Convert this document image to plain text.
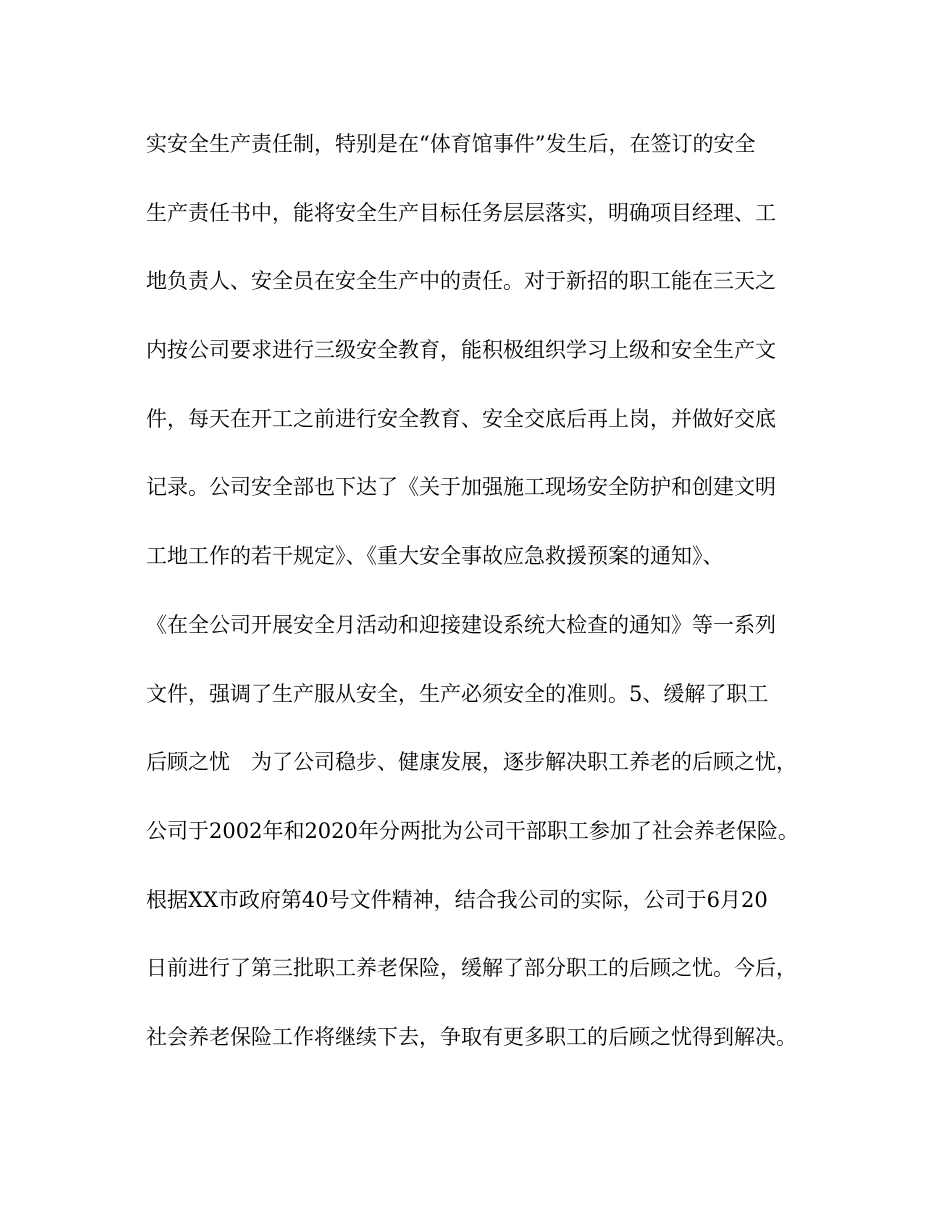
实安全生产责任制，特别是在“体育馆事件”发生后，在签订的安全
生产责任书中，能将安全生产目标任务层层落实，明确项目经理、工
地负责人、安全员在安全生产中的责任。对于新招的职工能在三天之
内按公司要求进行三级安全教育，能积极组织学习上级和安全生产文
件，每天在开工之前进行安全教育、安全交底后再上岗，并做好交底
记录。公司安全部也下达了《关于加强施工现场安全防护和创建文明
工地工作的若干规定》、《重大安全事故应急救援预案的通知》、
《在全公司开展安全月活动和迎接建设系统大检查的通知》等一系列
文件，强调了生产服从安全，生产必须安全的准则。5、缓解了职工
后顾之忧　为了公司稳步、健康发展，逐步解决职工养老的后顾之忧，
公司于2002年和2020年分两批为公司干部职工参加了社会养老保险。
根据XX市政府第40号文件精神，结合我公司的实际，公司于6月20
日前进行了第三批职工养老保险，缓解了部分职工的后顾之忧。今后，
社会养老保险工作将继续下去，争取有更多职工的后顾之忧得到解决。
